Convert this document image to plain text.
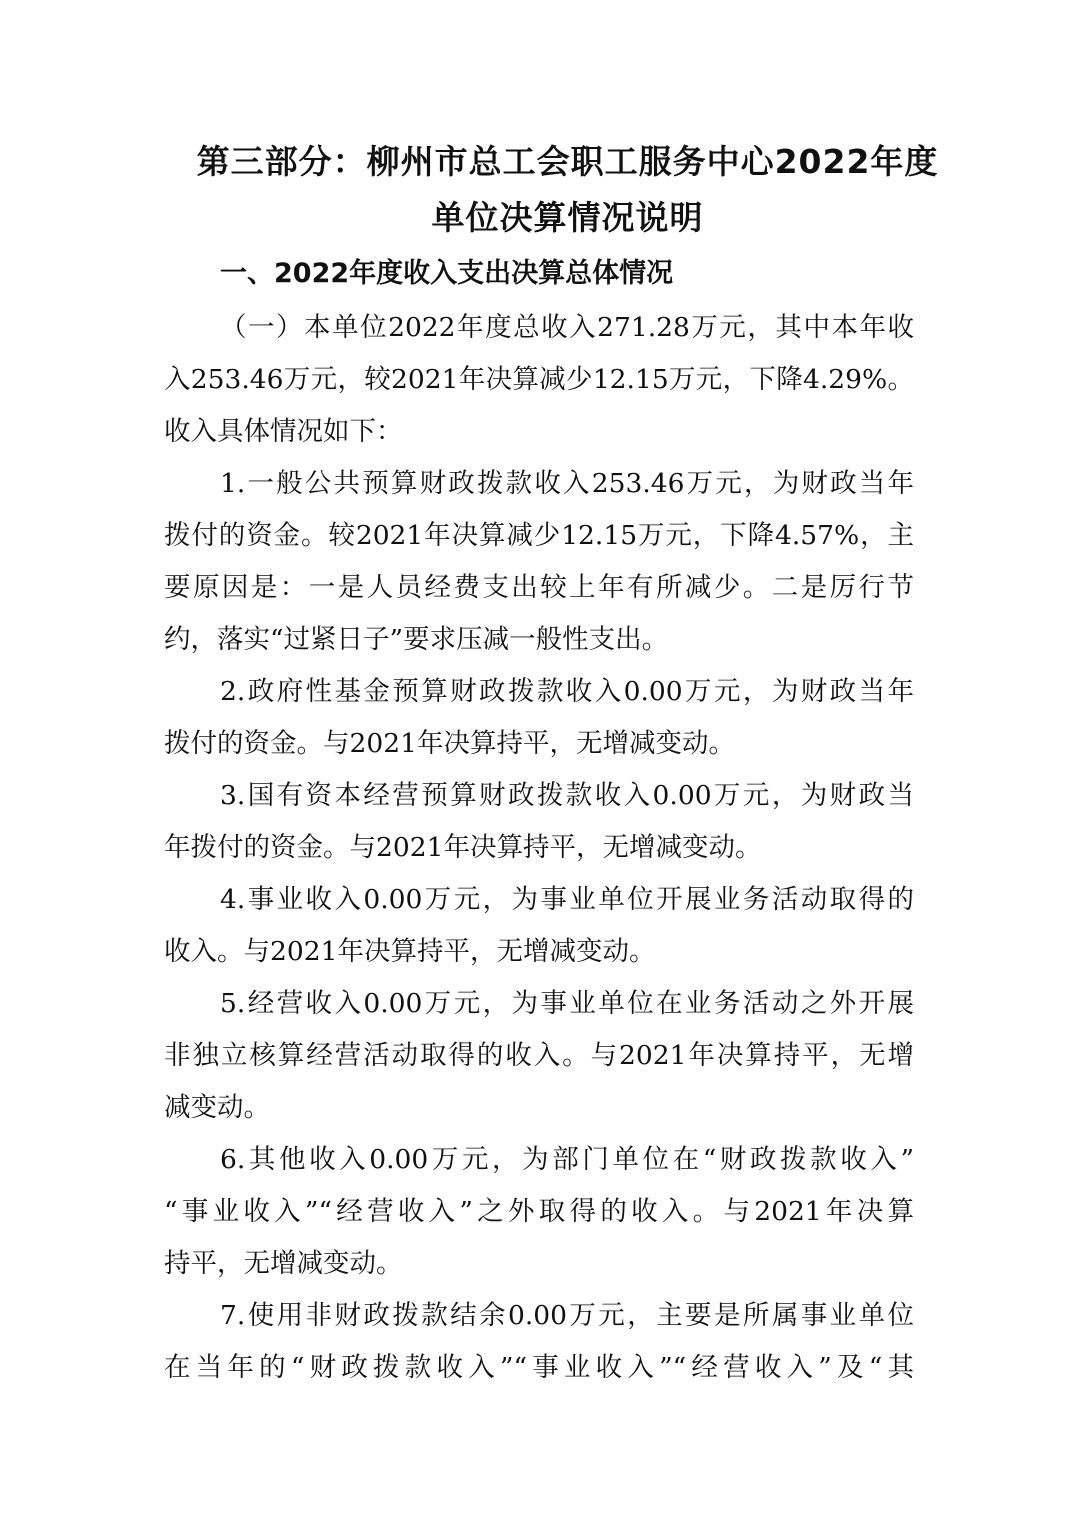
第三部分：柳州市总工会职工服务中心2022年度
单位决算情况说明
一、2022年度收入支出决算总体情况
（一）本单位2022年度总收入271.28万元，其中本年收
入253.46万元，较2021年决算减少12.15万元，下降4.29%。
收入具体情况如下：
1.一般公共预算财政拨款收入253.46万元，为财政当年
拨付的资金。较2021年决算减少12.15万元，下降4.57%，主
要原因是：一是人员经费支出较上年有所减少。二是厉行节
约，落实“过紧日子”要求压减一般性支出。
2.政府性基金预算财政拨款收入0.00万元，为财政当年
拨付的资金。与2021年决算持平，无增减变动。
3.国有资本经营预算财政拨款收入0.00万元，为财政当
年拨付的资金。与2021年决算持平，无增减变动。
4.事业收入0.00万元，为事业单位开展业务活动取得的
收入。与2021年决算持平，无增减变动。
5.经营收入0.00万元，为事业单位在业务活动之外开展
非独立核算经营活动取得的收入。与2021年决算持平，无增
减变动。
6.其他收入0.00万元，为部门单位在“财政拨款收入”
“事业收入”“经营收入”之外取得的收入。与2021年决算
持平，无增减变动。
7.使用非财政拨款结余0.00万元，主要是所属事业单位
在当年的“财政拨款收入”“事业收入”“经营收入”及“其
